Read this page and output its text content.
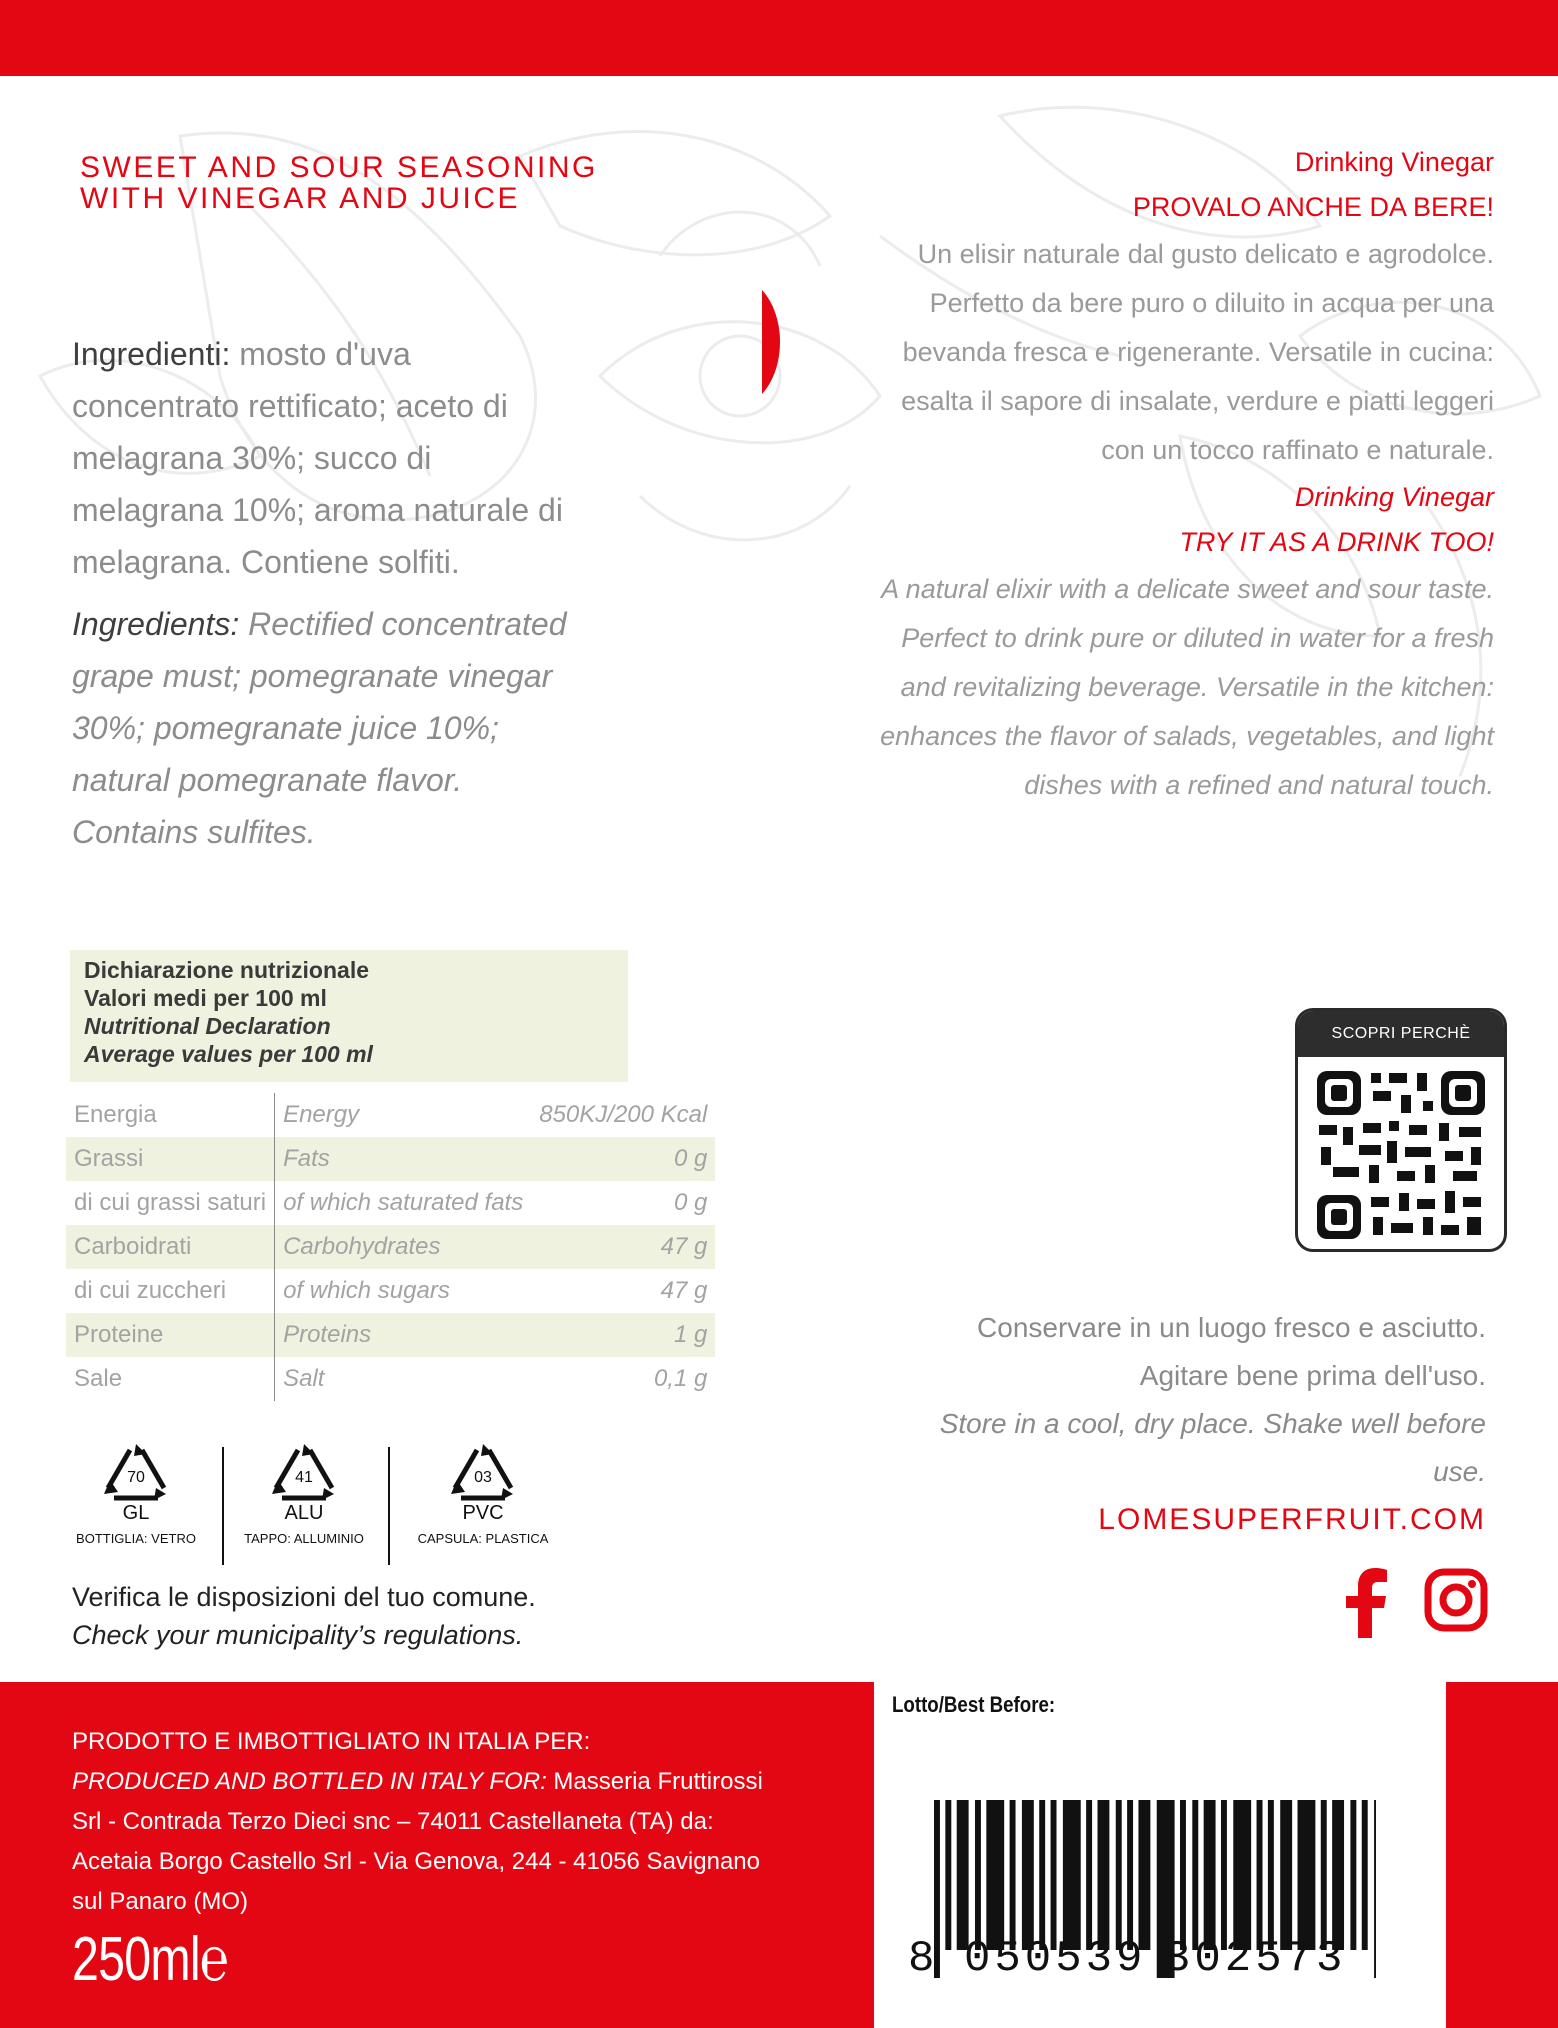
SWEET AND SOUR SEASONING WITH VINEGAR AND JUICE
Ingredienti: mosto d'uva concentrato rettificato; aceto di melagrana 30%; succo di melagrana 10%; aroma naturale di melagrana. Contiene solfiti.
Ingredients: Rectified concentrated grape must; pomegranate vinegar 30%; pomegranate juice 10%; natural pomegranate flavor. Contains sulfites.
Drinking Vinegar
PROVALO ANCHE DA BERE!
Un elisir naturale dal gusto delicato e agrodolce. Perfetto da bere puro o diluito in acqua per una bevanda fresca e rigenerante. Versatile in cucina: esalta il sapore di insalate, verdure e piatti leggeri con un tocco raffinato e naturale.
Drinking Vinegar
TRY IT AS A DRINK TOO!
A natural elixir with a delicate sweet and sour taste. Perfect to drink pure or diluted in water for a fresh and revitalizing beverage. Versatile in the kitchen: enhances the flavor of salads, vegetables, and light dishes with a refined and natural touch.
Dichiarazione nutrizionale
Valori medi per 100 ml
Nutritional Declaration
Average values per 100 ml
Energia	Energy	850KJ/200 Kcal
Grassi	Fats	0 g
di cui grassi saturi	of which saturated fats	0 g
Carboidrati	Carbohydrates	47 g
di cui zuccheri	of which sugars	47 g
Proteine	Proteins	1 g
Sale	Salt	0,1 g
70
GL
BOTTIGLIA: VETRO
41
ALU
TAPPO: ALLUMINIO
03
PVC
CAPSULA: PLASTICA
Verifica le disposizioni del tuo comune.
Check your municipality’s regulations.
SCOPRI PERCHÈ
Conservare in un luogo fresco e asciutto. Agitare bene prima dell'uso.
Store in a cool, dry place. Shake well before use.
LOMESUPERFRUIT.COM
PRODOTTO E IMBOTTIGLIATO IN ITALIA PER:
PRODUCED AND BOTTLED IN ITALY FOR: Masseria Fruttirossi Srl - Contrada Terzo Dieci snc – 74011 Castellaneta (TA) da: Acetaia Borgo Castello Srl - Via Genova, 244 - 41056 Savignano sul Panaro (MO)
250ml℮
Lotto/Best Before:
8 050539 302573
